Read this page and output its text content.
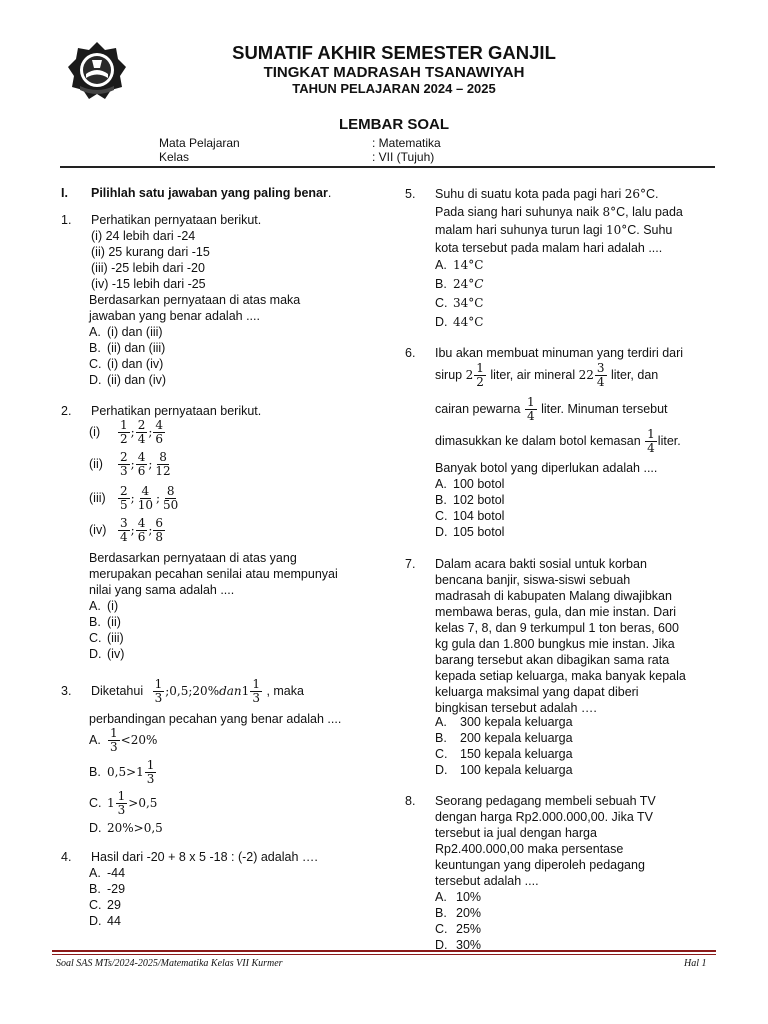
SUMATIF AKHIR SEMESTER GANJIL
TINGKAT MADRASAH TSANAWIYAH
TAHUN PELAJARAN 2024 – 2025
LEMBAR SOAL
Mata Pelajaran	: Matematika
Kelas	: VII (Tujuh)
I. Pilihlah satu jawaban yang paling benar.
1. Perhatikan pernyataan berikut.
(i) 24 lebih dari -24
(ii) 25 kurang dari -15
(iii) -25 lebih dari -20
(iv) -15 lebih dari -25
Berdasarkan pernyataan di atas maka
jawaban yang benar adalah ....
A. (i) dan (iii)
B. (ii) dan (iii)
C. (i) dan (iv)
D. (ii) dan (iv)
2. Perhatikan pernyataan berikut.
$(i) \frac{1}{2}$ ; $\frac{2}{4}$ ; $\frac{4}{6}$
$(ii) \frac{2}{3}$ ; $\frac{4}{6}$ ; $\frac{8}{12}$
$(iii) \frac{2}{5}$ ; $\frac{4}{10}$ ; $\frac{8}{50}$
$(iv) \frac{3}{4}$ ; $\frac{4}{6}$ ; $\frac{6}{8}$
Berdasarkan pernyataan di atas yang
merupakan pecahan senilai atau mempunyai
nilai yang sama adalah ....
A. (i)
B. (ii)
C. (iii)
D. (iv)
3. Diketahui $\frac{1}{3}$ ;0,5;20%dan1 $\frac{1}{3}$ , maka
perbandingan pecahan yang benar adalah ....
A. $\frac{1}{3} <20\%$
B. $0,5>1 \frac{1}{3}$
C. $1 \frac{1}{3} >0,5$
D. 20%>0,5
4. Hasil dari -20 + 8 x 5 -18 : (-2) adalah ….
A. -44
B. -29
C. 29
D. 44
5. Suhu di suatu kota pada pagi hari 26°C.
Pada siang hari suhunya naik 8°C, lalu pada
malam hari suhunya turun lagi 10°C. Suhu
kota tersebut pada malam hari adalah ....
A. 14°C
B. 24°C
C. 34°C
D. 44°C
6. Ibu akan membuat minuman yang terdiri dari
sirup $2 \frac{1}{2}$ liter, air mineral $22 \frac{3}{4}$ liter, dan
cairan pewarna $\frac{1}{4}$ liter. Minuman tersebut
dimasukkan ke dalam botol kemasan $\frac{1}{4}$ liter.
Banyak botol yang diperlukan adalah ....
A. 100 botol
B. 102 botol
C. 104 botol
D. 105 botol
7. Dalam acara bakti sosial untuk korban
bencana banjir, siswa-siswi sebuah
madrasah di kabupaten Malang diwajibkan
membawa beras, gula, dan mie instan. Dari
kelas 7, 8, dan 9 terkumpul 1 ton beras, 600
kg gula dan 1.800 bungkus mie instan. Jika
barang tersebut akan dibagikan sama rata
kepada setiap keluarga, maka banyak kepala
keluarga maksimal yang dapat diberi
bingkisan tersebut adalah ….
A. 300 kepala keluarga
B. 200 kepala keluarga
C. 150 kepala keluarga
D. 100 kepala keluarga
8. Seorang pedagang membeli sebuah TV
dengan harga Rp2.000.000,00. Jika TV
tersebut ia jual dengan harga
Rp2.400.000,00 maka persentase
keuntungan yang diperoleh pedagang
tersebut adalah ....
A. 10%
B. 20%
C. 25%
D. 30%
Soal SAS MTs/2024-2025/Matematika Kelas VII Kurmer	Hal 1
